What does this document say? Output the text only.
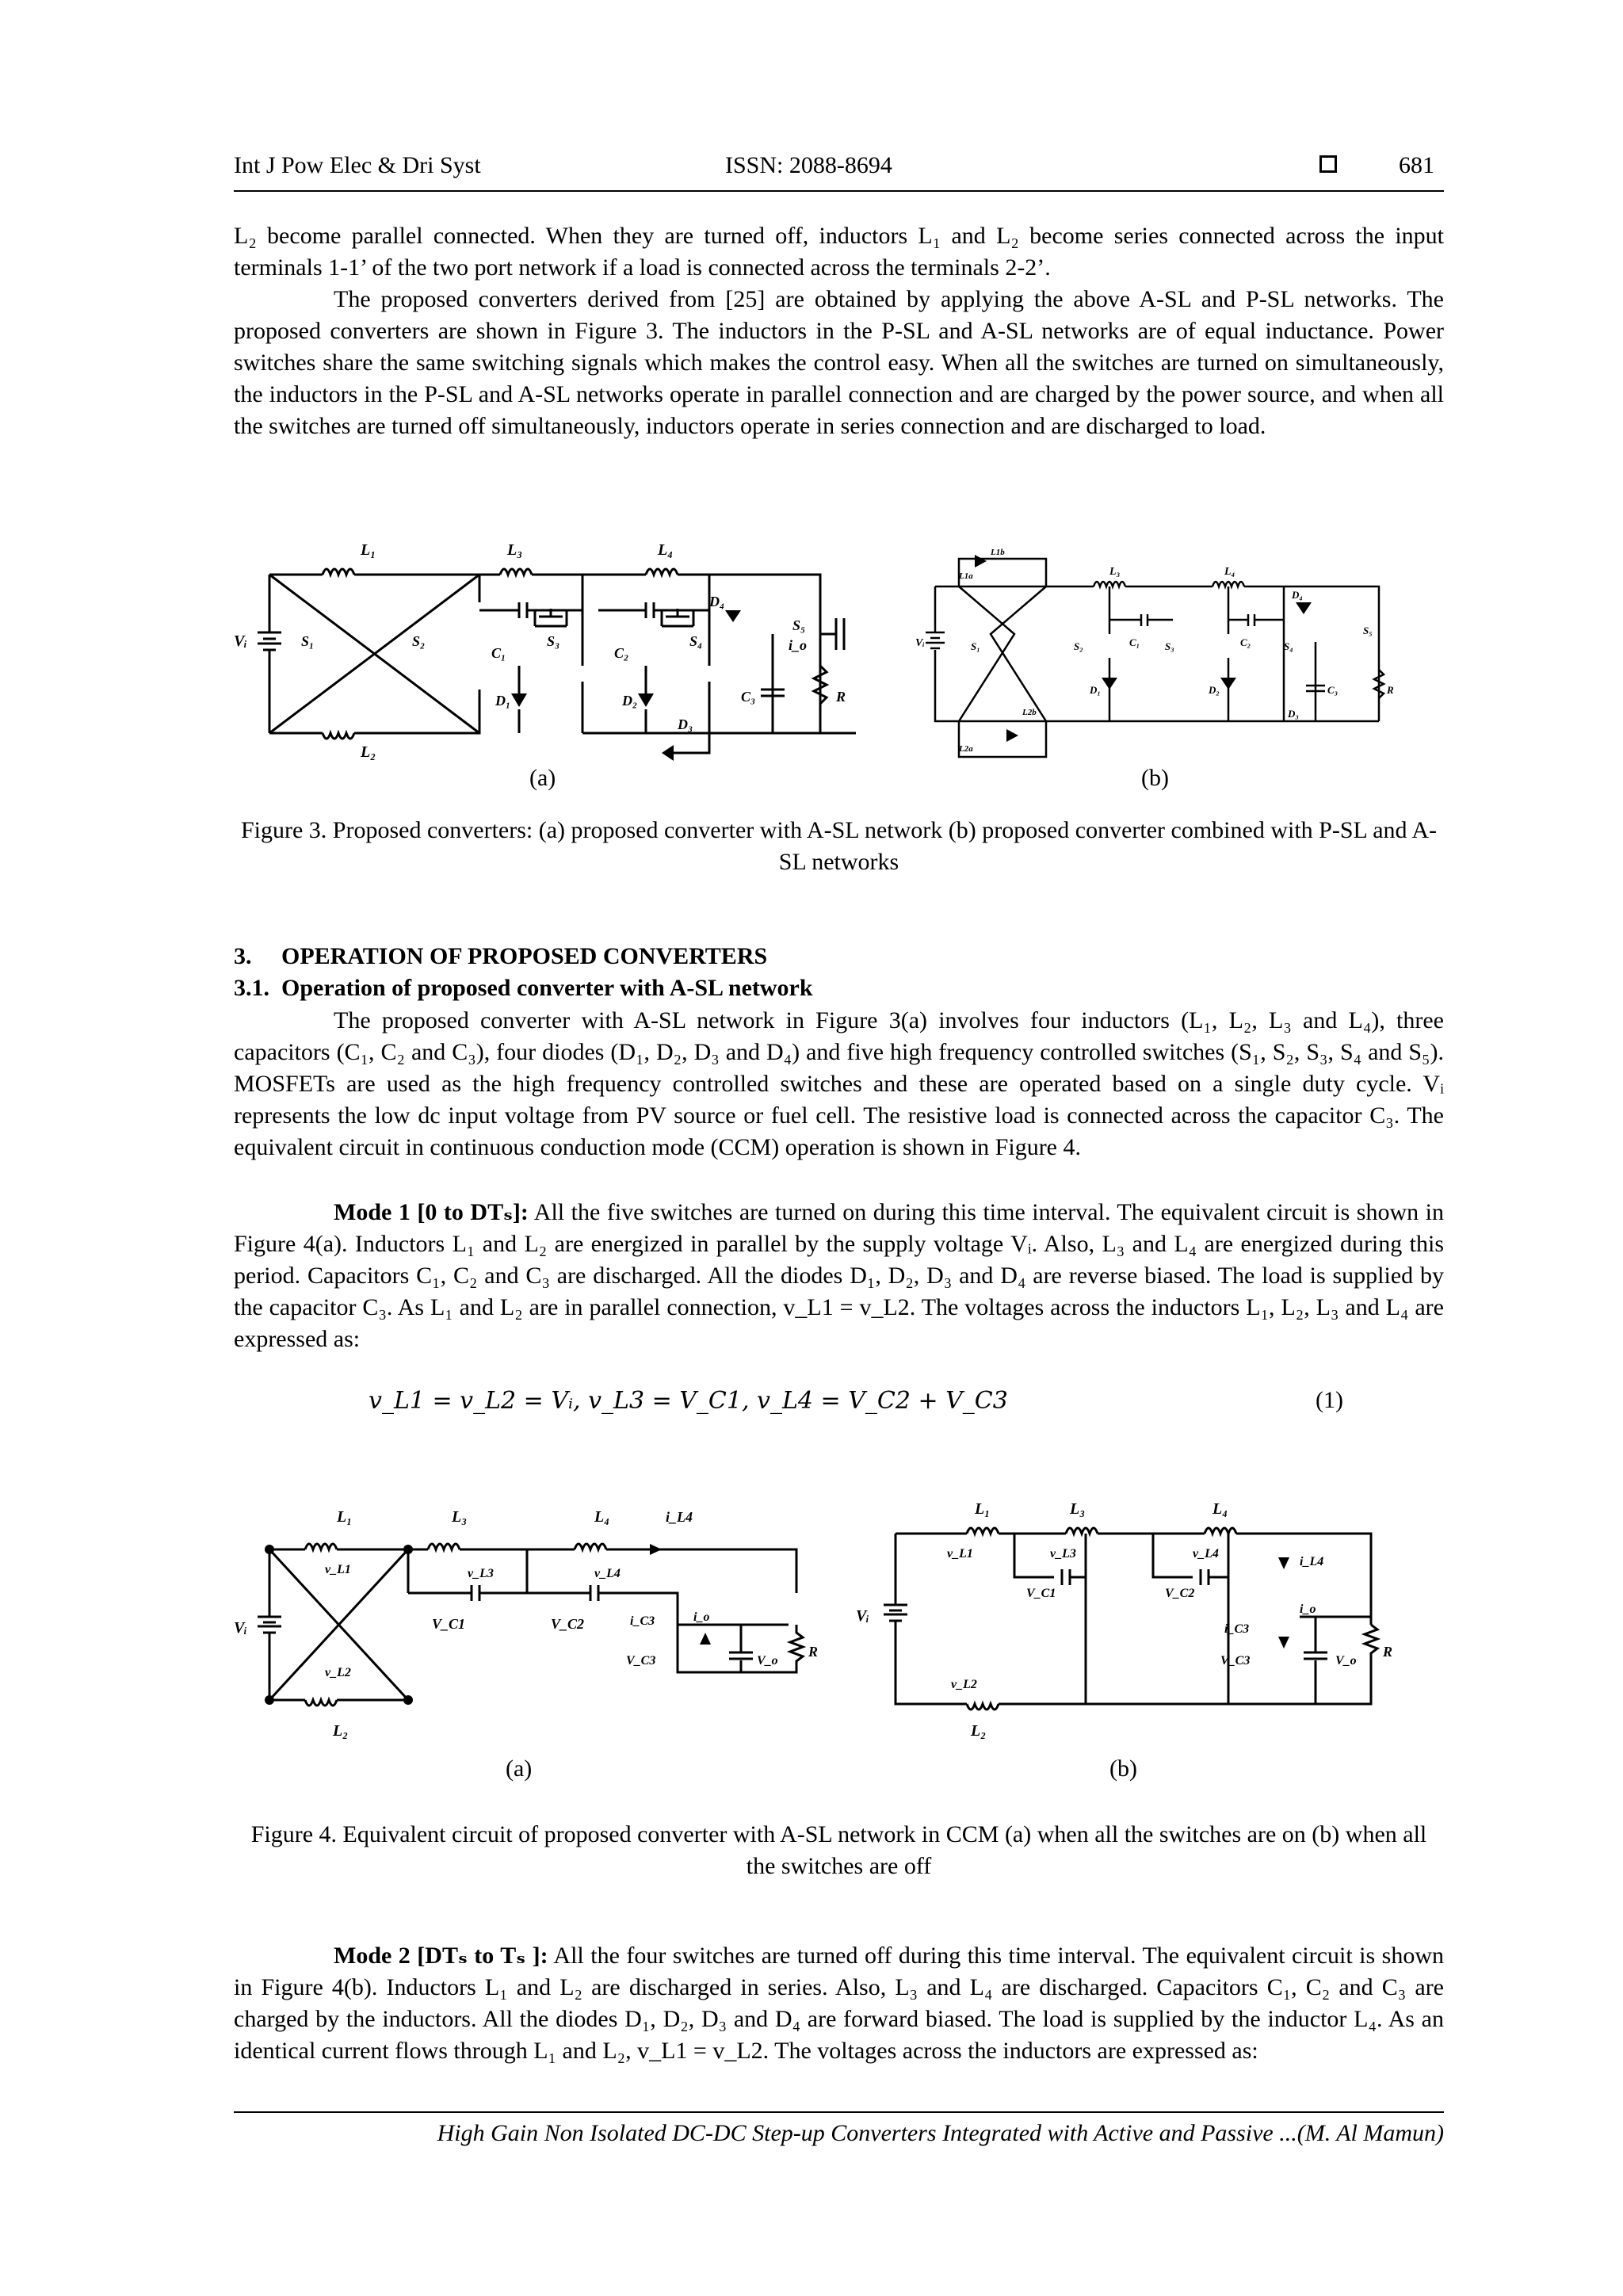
Int J Pow Elec & Dri Syst	ISSN: 2088-8694	681

L₂ become parallel connected. When they are turned off, inductors L₁ and L₂ become series connected across the input terminals 1-1’ of the two port network if a load is connected across the terminals 2-2’.

The proposed converters derived from [25] are obtained by applying the above A-SL and P-SL networks. The proposed converters are shown in Figure 3. The inductors in the P-SL and A-SL networks are of equal inductance. Power switches share the same switching signals which makes the control easy. When all the switches are turned on simultaneously, the inductors in the P-SL and A-SL networks operate in parallel connection and are charged by the power source, and when all the switches are turned off simultaneously, inductors operate in series connection and are discharged to load.

L₁	L₃	L₄
L₂
Vᵢ	S₁	S₂	S₃	S₄
S₅
C₁	C₂
C₃
D₁	D₂
D₃
D₄
R
i_o
(a)
L₃	L₄
Vᵢ	S₁	S₂	S₃	S₄
S₅
C₁	C₂
C₃
D₁	D₂
D₃
D₄
R
L1b
L1a
L2a
L2b
(b)

Figure 3. Proposed converters: (a) proposed converter with A-SL network (b) proposed converter combined with P-SL and A-SL networks

3.     OPERATION OF PROPOSED CONVERTERS

3.1.  Operation of proposed converter with A-SL network

The proposed converter with A-SL network in Figure 3(a) involves four inductors (L₁, L₂, L₃ and L₄), three capacitors (C₁, C₂ and C₃), four diodes (D₁, D₂, D₃ and D₄) and five high frequency controlled switches (S₁, S₂, S₃, S₄ and S₅). MOSFETs are used as the high frequency controlled switches and these are operated based on a single duty cycle. Vᵢ represents the low dc input voltage from PV source or fuel cell. The resistive load is connected across the capacitor C₃. The equivalent circuit in continuous conduction mode (CCM) operation is shown in Figure 4.

Mode 1 [0 to DTₛ]: All the five switches are turned on during this time interval. The equivalent circuit is shown in Figure 4(a). Inductors L₁ and L₂ are energized in parallel by the supply voltage Vᵢ. Also, L₃ and L₄ are energized during this period. Capacitors C₁, C₂ and C₃ are discharged. All the diodes D₁, D₂, D₃ and D₄ are reverse biased. The load is supplied by the capacitor C₃. As L₁ and L₂ are in parallel connection, v_L1 = v_L2. The voltages across the inductors L₁, L₂, L₃ and L₄ are expressed as:

v_L1 = v_L2 = Vᵢ, v_L3 = V_C1, v_L4 = V_C2 + V_C3	(1)
L₁	L₃	L₄	i_L4
Vᵢ
v_L1	v_L3	v_L4
v_L2
L₂
V_C1	V_C2	i_C3	i_o
V_C3	V_o
R
(a)
L₁	L₃	L₄
i_L4
Vᵢ
v_L1	v_L3	v_L4
V_C1	V_C2
v_L2
L₂
i_C3
i_o
V_C3	V_o
R
(b)

Figure 4. Equivalent circuit of proposed converter with A-SL network in CCM (a) when all the switches are on (b) when all the switches are off

Mode 2 [DTₛ to Tₛ ]: All the four switches are turned off during this time interval. The equivalent circuit is shown in Figure 4(b). Inductors L₁ and L₂ are discharged in series. Also, L₃ and L₄ are discharged. Capacitors C₁, C₂ and C₃ are charged by the inductors. All the diodes D₁, D₂, D₃ and D₄ are forward biased. The load is supplied by the inductor L₄. As an identical current flows through L₁ and L₂, v_L1 = v_L2. The voltages across the inductors are expressed as:

High Gain Non Isolated DC-DC Step-up Converters Integrated with Active and Passive ...(M. Al Mamun)
